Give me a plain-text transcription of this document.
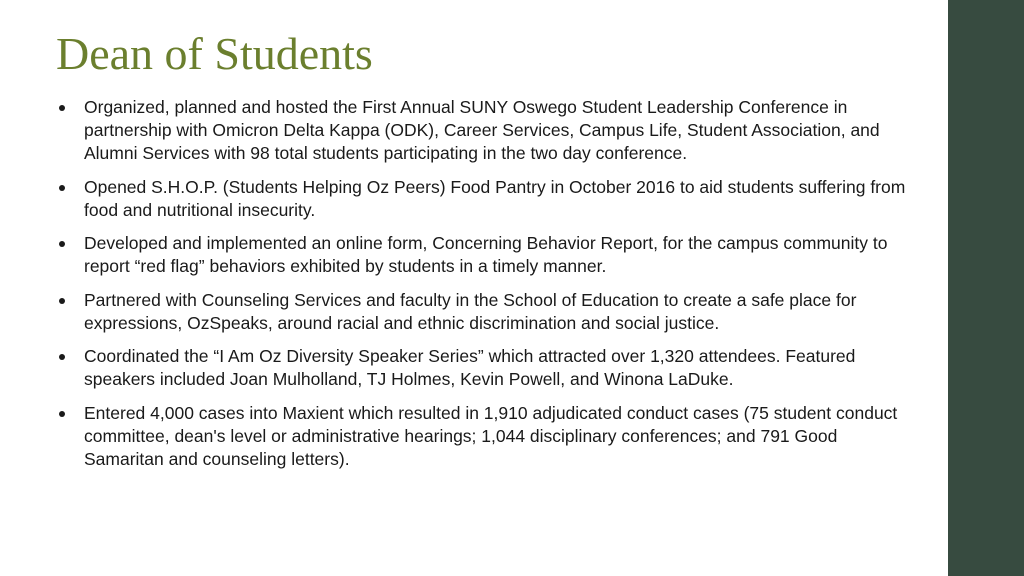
Dean of Students
Organized, planned and hosted the First Annual SUNY Oswego Student Leadership Conference in partnership with Omicron Delta Kappa (ODK), Career Services, Campus Life, Student Association, and Alumni Services with 98 total students participating in the two day conference.
Opened S.H.O.P. (Students Helping Oz Peers) Food Pantry in October 2016 to aid students suffering from food and nutritional insecurity.
Developed and implemented an online form, Concerning Behavior Report, for the campus community to report “red flag” behaviors exhibited by students in a timely manner.
Partnered with Counseling Services and faculty in the School of Education to create a safe place for expressions, OzSpeaks, around racial and ethnic discrimination and social justice.
Coordinated the “I Am Oz Diversity Speaker Series” which attracted over 1,320 attendees. Featured speakers included Joan Mulholland, TJ Holmes, Kevin Powell, and Winona LaDuke.
Entered 4,000 cases into Maxient which resulted in 1,910 adjudicated conduct cases (75 student conduct committee, dean's level or administrative hearings; 1,044 disciplinary conferences; and 791 Good Samaritan and counseling letters).
